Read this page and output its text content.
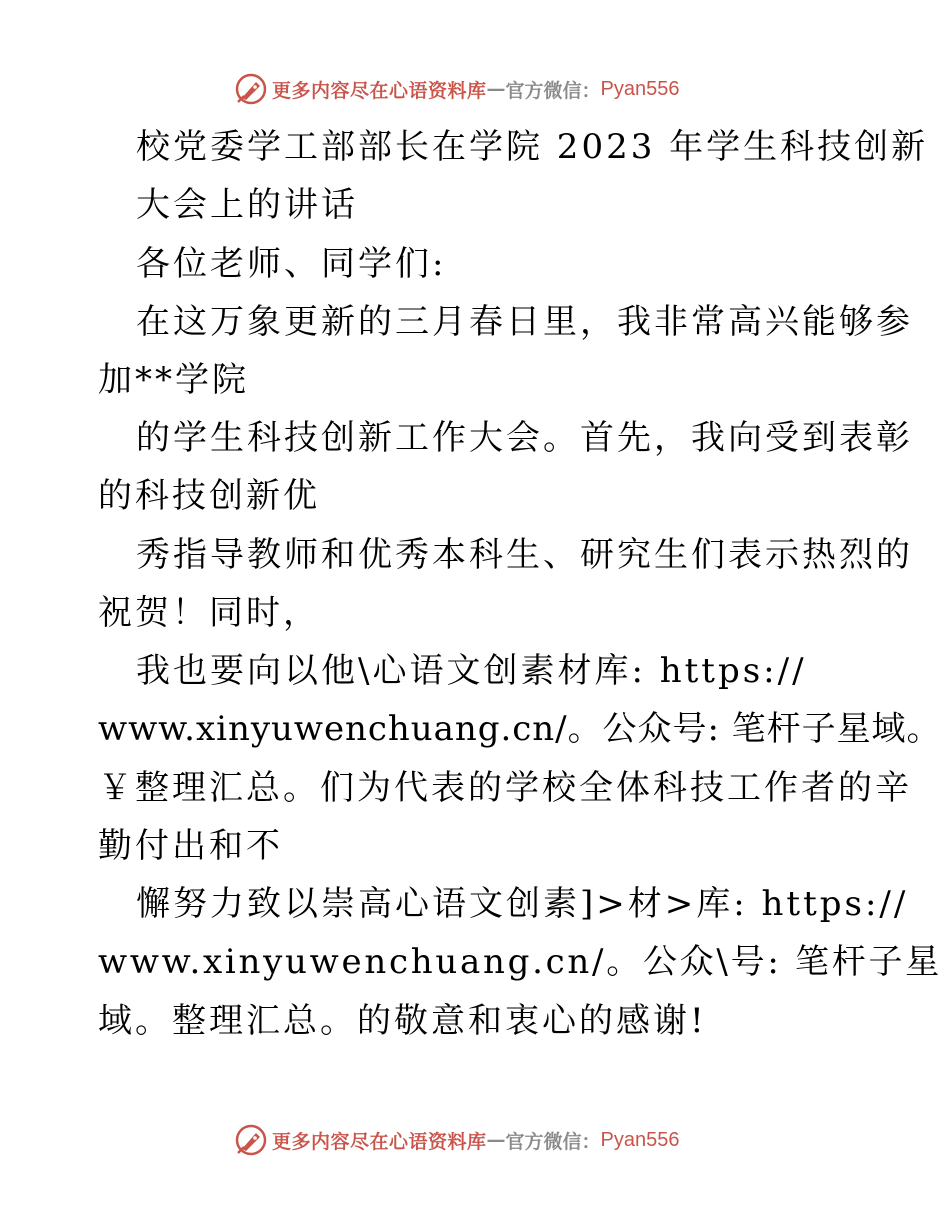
更多内容尽在心语资料库 — 官方微信： Pyan556
校党委学工部部长在学院 2023 年学生科技创新
大会上的讲话
各位老师、同学们:
在这万象更新的三月春日里，我非常高兴能够参
加**学院
的学生科技创新工作大会。首先，我向受到表彰
的科技创新优
秀指导教师和优秀本科生、研究生们表示热烈的
祝贺！同时，
我也要向以他\心语文创素材库: https://
www.xinyuwenchuang.cn/。公众号: 笔杆子星域。
￥整理汇总。们为代表的学校全体科技工作者的辛
勤付出和不
懈努力致以崇高心语文创素]>材>库: https://
www.xinyuwenchuang.cn/。公众\号: 笔杆子星
域。整理汇总。的敬意和衷心的感谢!
更多内容尽在心语资料库 — 官方微信： Pyan556
